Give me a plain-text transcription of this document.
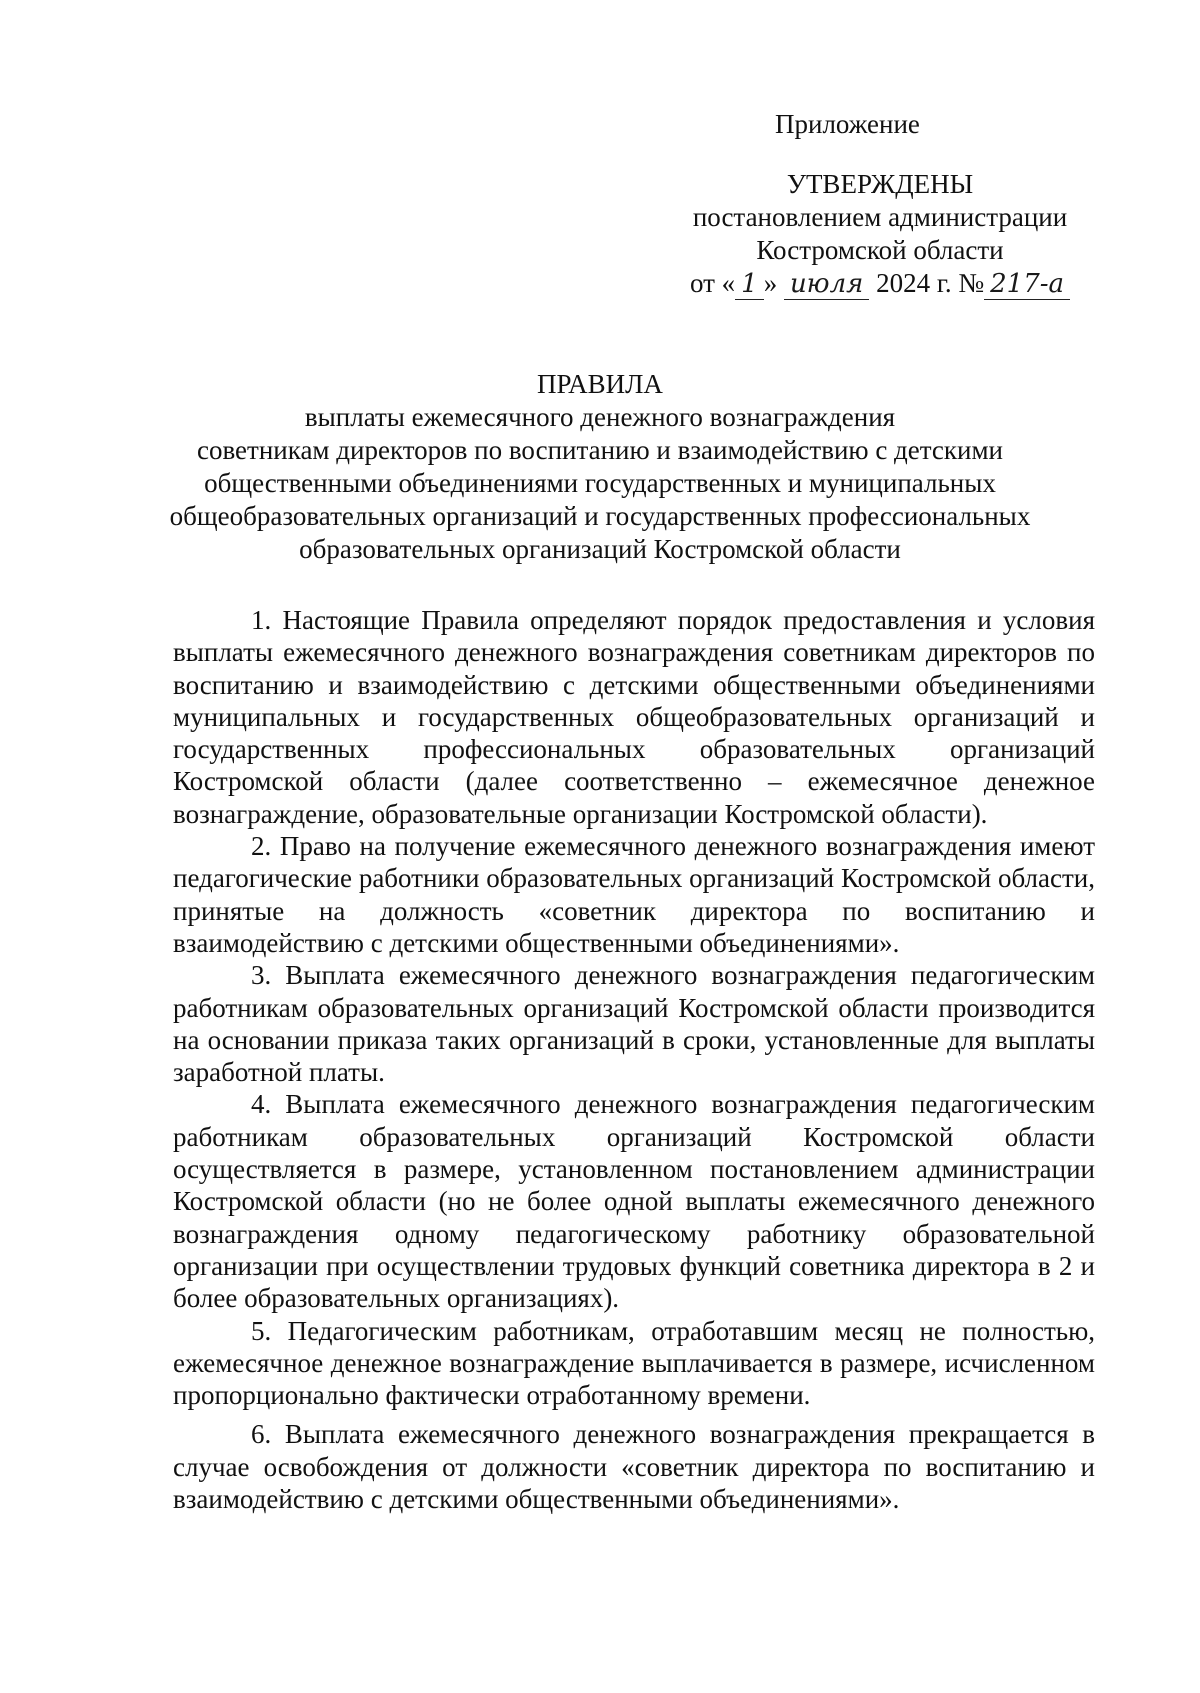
Приложение
УТВЕРЖДЕНЫ
постановлением администрации
Костромской области
от « 1 » июля 2024 г. № 217-а
ПРАВИЛА
выплаты ежемесячного денежного вознаграждения
советникам директоров по воспитанию и взаимодействию с детскими
общественными объединениями государственных и муниципальных
общеобразовательных организаций и государственных профессиональных
образовательных организаций Костромской области

1. Настоящие Правила определяют порядок предоставления и условия выплаты ежемесячного денежного вознаграждения советникам директоров по воспитанию и взаимодействию с детскими общественными объединениями муниципальных и государственных общеобразовательных организаций и государственных профессиональных образовательных организаций Костромской области (далее соответственно – ежемесячное денежное вознаграждение, образовательные организации Костромской области).

2. Право на получение ежемесячного денежного вознаграждения имеют педагогические работники образовательных организаций Костромской области, принятые на должность «советник директора по воспитанию и взаимодействию с детскими общественными объединениями».

3. Выплата ежемесячного денежного вознаграждения педагогическим работникам образовательных организаций Костромской области производится на основании приказа таких организаций в сроки, установленные для выплаты заработной платы.

4. Выплата ежемесячного денежного вознаграждения педагогическим работникам образовательных организаций Костромской области осуществляется в размере, установленном постановлением администрации Костромской области (но не более одной выплаты ежемесячного денежного вознаграждения одному педагогическому работнику образовательной организации при осуществлении трудовых функций советника директора в 2 и более образовательных организациях).

5. Педагогическим работникам, отработавшим месяц не полностью, ежемесячное денежное вознаграждение выплачивается в размере, исчисленном пропорционально фактически отработанному времени.

6. Выплата ежемесячного денежного вознаграждения прекращается в случае освобождения от должности «советник директора по воспитанию и взаимодействию с детскими общественными объединениями».
